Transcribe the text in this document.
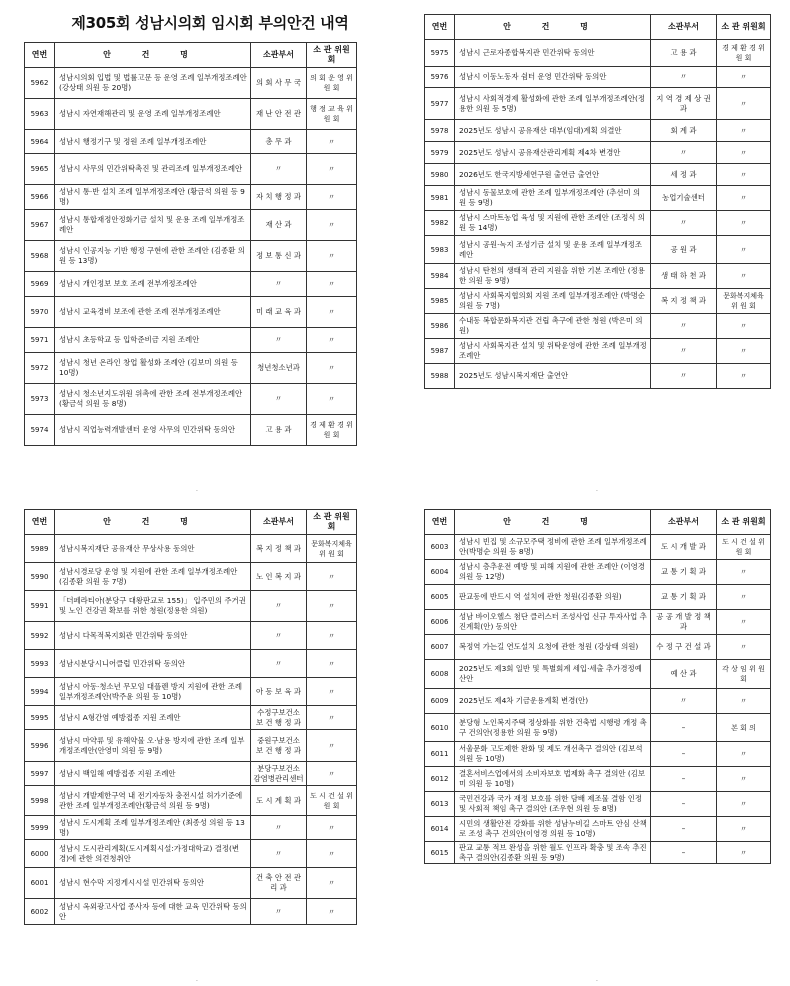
제305회 성남시의회 임시회 부의안건 내역
연번	안 건 명	소관부서	소 관 위원회
5962	성남시의회 입법 및 법률고문 등 운영 조례 일부개정조례안(강상태 의원 등 20명)	의 회 사 무 국	의 회 운 영 위 원 회
5963	성남시 자연재해관리 및 운영 조례 일부개정조례안	재 난 안 전 관	행 정 교 육 위 원 회
5964	성남시 행정기구 및 정원 조례 일부개정조례안	총 무 과	〃
5965	성남시 사무의 민간위탁촉진 및 관리조례 일부개정조례안	〃	〃
5966	성남시 통·반 설치 조례 일부개정조례안 (황금석 의원 등 9명)	자 치 행 정 과	〃
5967	성남시 통합재정안정화기금 설치 및 운용 조례 일부개정조례안	재 산 과	〃
5968	성남시 인공지능 기반 행정 구현에 관한 조례안 (김종환 의원 등 13명)	정 보 통 신 과	〃
5969	성남시 개인정보 보호 조례 전부개정조례안	〃	〃
5970	성남시 교육경비 보조에 관한 조례 전부개정조례안	미 래 교 육 과	〃
5971	성남시 초등학교 등 입학준비금 지원 조례안	〃	〃
5972	성남시 청년 온라인 창업 활성화 조례안 (김보미 의원 등 10명)	청년청소년과	〃
5973	성남시 청소년지도위원 위촉에 관한 조례 전부개정조례안(황금석 의원 등 8명)	〃	〃
5974	성남시 직업능력개발센터 운영 사무의 민간위탁 동의안	고 용 과	경 제 환 경 위 원 회
연번	안 건 명	소관부서	소 관 위원회
5975	성남시 근로자종합복지관 민간위탁 동의안	고 용 과	경 제 환 경 위 원 회
5976	성남시 이동노동자 쉼터 운영 민간위탁 동의안	〃	〃
5977	성남시 사회적경제 활성화에 관한 조례 일부개정조례안(정용한 의원 등 5명)	지 역 경 제 상 권 과	〃
5978	2025년도 성남시 공유재산 대부(임대)계획 의결안	회 계 과	〃
5979	2025년도 성남시 공유재산관리계획 제4차 변경안	〃	〃
5980	2026년도 한국지방세연구원 출연금 출연안	세 정 과	〃
5981	성남시 동물보호에 관한 조례 일부개정조례안 (추선미 의원 등 9명)	농업기술센터	〃
5982	성남시 스마트농업 육성 및 지원에 관한 조례안 (조정식 의원 등 14명)	〃	〃
5983	성남시 공원·녹지 조성기금 설치 및 운용 조례 일부개정조례안	공 원 과	〃
5984	성남시 탄천의 생태적 관리 지원을 위한 기본 조례안 (정용한 의원 등 9명)	생 태 하 천 과	〃
5985	성남시 사회복지협의회 지원 조례 일부개정조례안 (박명순 의원 등 7명)	복 지 정 책 과	문화복지체육 위 원 회
5986	수내동 복합문화복지관 건립 촉구에 관한 청원 (박은미 의원)	〃	〃
5987	성남시 사회복지관 설치 및 위탁운영에 관한 조례 일부개정조례안	〃	〃
5988	2025년도 성남시복지재단 출연안	〃	〃
연번	안 건 명	소관부서	소 관 위원회
5989	성남시복지재단 공유재산 무상사용 동의안	복 지 정 책 과	문화복지체육 위 원 회
5990	성남시경로당 운영 및 지원에 관한 조례 일부개정조례안(김종환 의원 등 7명)	노 인 복 지 과	〃
5991	「더페라티아(분당구 대왕판교로 155)」 입주민의 주거권 및 노인 건강권 확보를 위한 청원(정용한 의원)	〃	〃
5992	성남시 다목적복지회관 민간위탁 동의안	〃	〃
5993	성남시분당시니어클럽 민간위탁 동의안	〃	〃
5994	성남시 아동·청소년 무모임 대플렌 방지 지원에 관한 조례 일부개정조례안(박주윤 의원 등 10명)	아 동 보 육 과	〃
5995	성남시 A형간염 예방접종 지원 조례안	수정구보건소 보 건 행 정 과	〃
5996	성남시 마약류 및 유해약물 오·남용 방지에 관한 조례 일부개정조례안(안영미 의원 등 9명)	중원구보건소 보 건 행 정 과	〃
5997	성남시 백일해 예방접종 지원 조례안	분당구보건소 감염병관리센터	〃
5998	성남시 개발제한구역 내 전기자동차 충전시설 허가기준에 관한 조례 일부개정조례안(황금석 의원 등 9명)	도 시 계 획 과	도 시 건 설 위 원 회
5999	성남시 도시계획 조례 일부개정조례안 (최종성 의원 등 13명)	〃	〃
6000	성남시 도시관리계획(도시계획시설:가정대학교) 결정(변경)에 관한 의견청취안	〃	〃
6001	성남시 현수막 지정게시시설 민간위탁 동의안	건 축 안 전 관 리 과	〃
6002	성남시 옥외광고사업 종사자 등에 대한 교육 민간위탁 동의안	〃	〃
연번	안 건 명	소관부서	소 관 위원회
6003	성남시 빈집 및 소규모주택 정비에 관한 조례 일부개정조례안(박명순 의원 등 8명)	도 시 개 발 과	도 시 건 설 위 원 회
6004	성남시 층추운전 예방 및 피해 지원에 관한 조례안 (이영경 의원 등 12명)	교 통 기 획 과	〃
6005	판교동에 반드시 역 설치에 관한 청원(김종환 의원)	교 통 기 획 과	〃
6006	성남 바이오헬스 첨단 클러스터 조성사업 신규 투자사업 추진계획(안) 동의안	공 공 개 발 정 책 과	〃
6007	복정역 가는길 연도설치 요청에 관한 청원 (강상태 의원)	수 정 구 건 설 과	〃
6008	2025년도 제3회 일반 및 특별회계 세입·세출 추가경정예산안	예 산 과	각 상 임 위 원 회
6009	2025년도 제4차 기금운용계획 변경(안)	〃	〃
6010	분당형 노인복지주택 정상화를 위한 건축법 시행령 개정 촉구 건의안(정용한 의원 등 9명)	–	본 회 의
6011	서울문화 고도제한 완화 및 제도 개선촉구 결의안 (김보석 의원 등 10명)	–	〃
6012	결혼서비스업에서의 소비자보호 법제화 촉구 결의안 (김보미 의원 등 10명)	–	〃
6013	국민건강과 국가 재정 보호를 위한 담배 제조물 결함 인정 및 사회적 책임 촉구 결의안 (조우현 의원 등 8명)	–	〃
6014	시민의 생활안전 강화를 위한 성남누비길 스마트 안심 산책로 조성 촉구 건의안(이영경 의원 등 10명)	–	〃
6015	판교 교통 적브 완성을 위한 월도 인프라 확충 및 조속 추진 촉구 결의안(김종환 의원 등 9명)	–	〃
·	·
·	·
